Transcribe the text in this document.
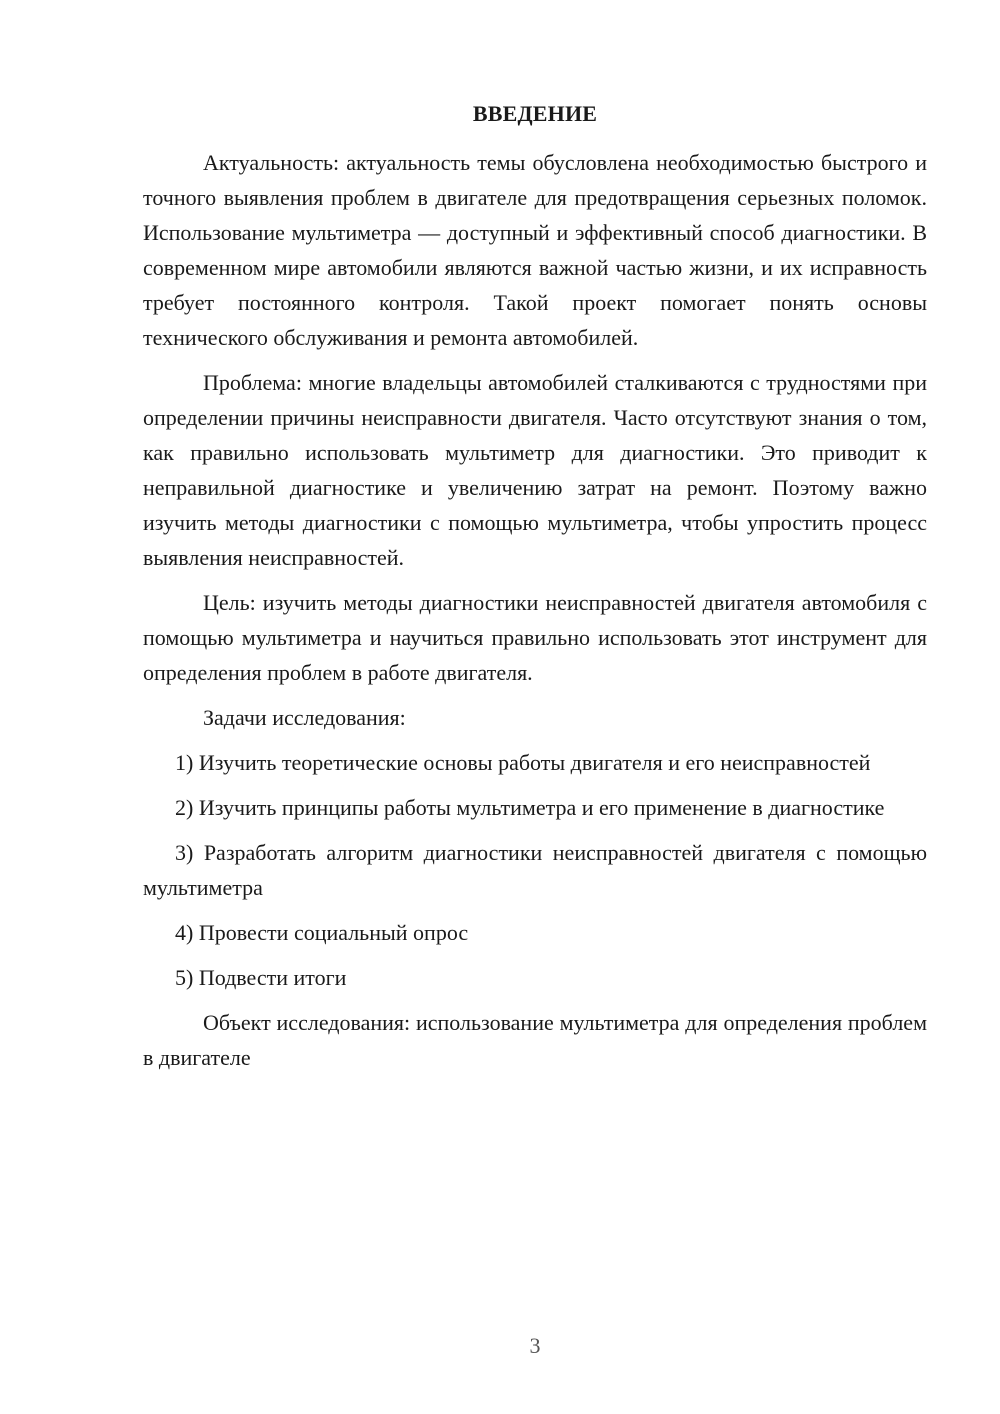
ВВЕДЕНИЕ

Актуальность: актуальность темы обусловлена необходимостью быстрого и точного выявления проблем в двигателе для предотвращения серьезных поломок. Использование мультиметра — доступный и эффективный способ диагностики. В современном мире автомобили являются важной частью жизни, и их исправность требует постоянного контроля. Такой проект помогает понять основы технического обслуживания и ремонта автомобилей.

Проблема: многие владельцы автомобилей сталкиваются с трудностями при определении причины неисправности двигателя. Часто отсутствуют знания о том, как правильно использовать мультиметр для диагностики. Это приводит к неправильной диагностике и увеличению затрат на ремонт. Поэтому важно изучить методы диагностики с помощью мультиметра, чтобы упростить процесс выявления неисправностей.

Цель: изучить методы диагностики неисправностей двигателя автомобиля с помощью мультиметра и научиться правильно использовать этот инструмент для определения проблем в работе двигателя.

Задачи исследования:

1) Изучить теоретические основы работы двигателя и его неисправностей

2) Изучить принципы работы мультиметра и его применение в диагностике

3) Разработать алгоритм диагностики неисправностей двигателя с помощью мультиметра

4) Провести социальный опрос

5) Подвести итоги

Объект исследования: использование мультиметра для определения проблем в двигателе

3
